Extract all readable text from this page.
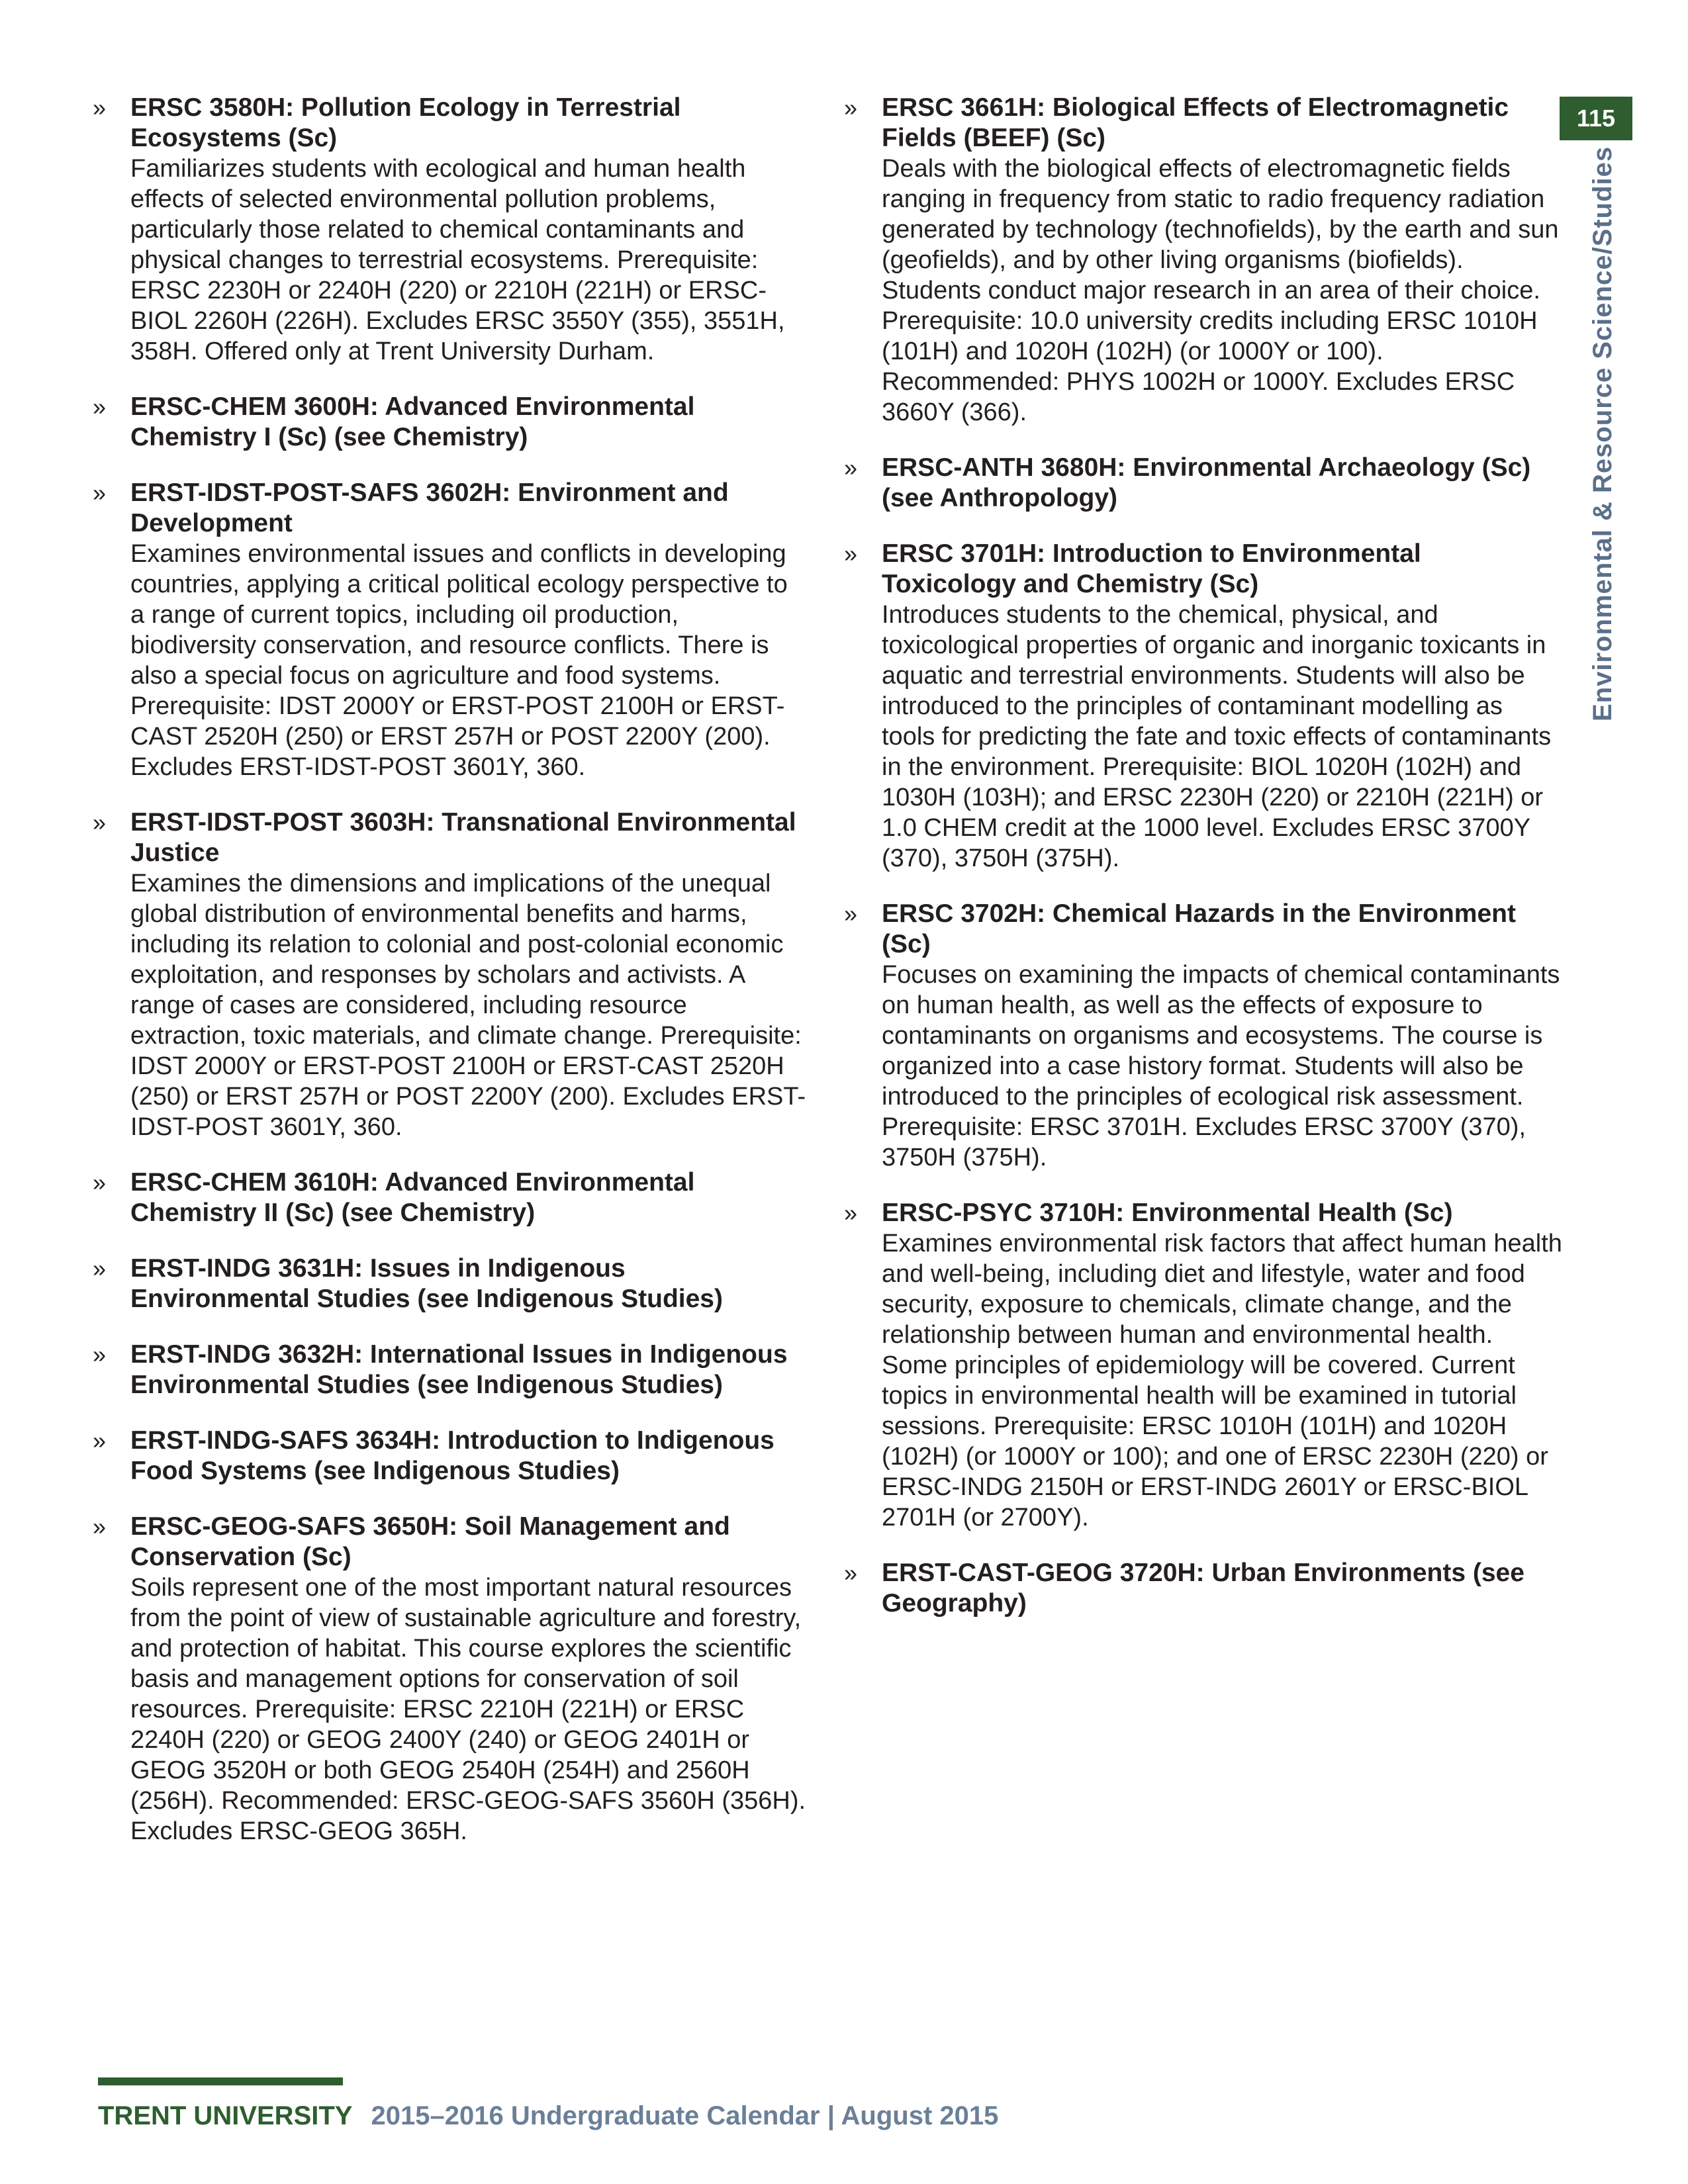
115
Environmental & Resource Science/Studies
» ERSC 3580H: Pollution Ecology in Terrestrial Ecosystems (Sc)
Familiarizes students with ecological and human health effects of selected environmental pollution problems, particularly those related to chemical contaminants and physical changes to terrestrial ecosystems. Prerequisite: ERSC 2230H or 2240H (220) or 2210H (221H) or ERSC-BIOL 2260H (226H). Excludes ERSC 3550Y (355), 3551H, 358H. Offered only at Trent University Durham.
» ERSC-CHEM 3600H: Advanced Environmental Chemistry I (Sc) (see Chemistry)
» ERST-IDST-POST-SAFS 3602H: Environment and Development
Examines environmental issues and conflicts in developing countries, applying a critical political ecology perspective to a range of current topics, including oil production, biodiversity conservation, and resource conflicts. There is also a special focus on agriculture and food systems. Prerequisite: IDST 2000Y or ERST-POST 2100H or ERST-CAST 2520H (250) or ERST 257H or POST 2200Y (200). Excludes ERST-IDST-POST 3601Y, 360.
» ERST-IDST-POST 3603H: Transnational Environmental Justice
Examines the dimensions and implications of the unequal global distribution of environmental benefits and harms, including its relation to colonial and post-colonial economic exploitation, and responses by scholars and activists. A range of cases are considered, including resource extraction, toxic materials, and climate change. Prerequisite: IDST 2000Y or ERST-POST 2100H or ERST-CAST 2520H (250) or ERST 257H or POST 2200Y (200). Excludes ERST-IDST-POST 3601Y, 360.
» ERSC-CHEM 3610H: Advanced Environmental Chemistry II (Sc) (see Chemistry)
» ERST-INDG 3631H: Issues in Indigenous Environmental Studies (see Indigenous Studies)
» ERST-INDG 3632H: International Issues in Indigenous Environmental Studies (see Indigenous Studies)
» ERST-INDG-SAFS 3634H: Introduction to Indigenous Food Systems (see Indigenous Studies)
» ERSC-GEOG-SAFS 3650H: Soil Management and Conservation (Sc)
Soils represent one of the most important natural resources from the point of view of sustainable agriculture and forestry, and protection of habitat. This course explores the scientific basis and management options for conservation of soil resources. Prerequisite: ERSC 2210H (221H) or ERSC 2240H (220) or GEOG 2400Y (240) or GEOG 2401H or GEOG 3520H or both GEOG 2540H (254H) and 2560H (256H). Recommended: ERSC-GEOG-SAFS 3560H (356H). Excludes ERSC-GEOG 365H.
» ERSC 3661H: Biological Effects of Electromagnetic Fields (BEEF) (Sc)
Deals with the biological effects of electromagnetic fields ranging in frequency from static to radio frequency radiation generated by technology (technofields), by the earth and sun (geofields), and by other living organisms (biofields). Students conduct major research in an area of their choice. Prerequisite: 10.0 university credits including ERSC 1010H (101H) and 1020H (102H) (or 1000Y or 100). Recommended: PHYS 1002H or 1000Y. Excludes ERSC 3660Y (366).
» ERSC-ANTH 3680H: Environmental Archaeology (Sc) (see Anthropology)
» ERSC 3701H: Introduction to Environmental Toxicology and Chemistry (Sc)
Introduces students to the chemical, physical, and toxicological properties of organic and inorganic toxicants in aquatic and terrestrial environments. Students will also be introduced to the principles of contaminant modelling as tools for predicting the fate and toxic effects of contaminants in the environment. Prerequisite: BIOL 1020H (102H) and 1030H (103H); and ERSC 2230H (220) or 2210H (221H) or 1.0 CHEM credit at the 1000 level. Excludes ERSC 3700Y (370), 3750H (375H).
» ERSC 3702H: Chemical Hazards in the Environment (Sc)
Focuses on examining the impacts of chemical contaminants on human health, as well as the effects of exposure to contaminants on organisms and ecosystems. The course is organized into a case history format. Students will also be introduced to the principles of ecological risk assessment. Prerequisite: ERSC 3701H. Excludes ERSC 3700Y (370), 3750H (375H).
» ERSC-PSYC 3710H: Environmental Health (Sc)
Examines environmental risk factors that affect human health and well-being, including diet and lifestyle, water and food security, exposure to chemicals, climate change, and the relationship between human and environmental health. Some principles of epidemiology will be covered. Current topics in environmental health will be examined in tutorial sessions. Prerequisite: ERSC 1010H (101H) and 1020H (102H) (or 1000Y or 100); and one of ERSC 2230H (220) or ERSC-INDG 2150H or ERST-INDG 2601Y or ERSC-BIOL 2701H (or 2700Y).
» ERST-CAST-GEOG 3720H: Urban Environments (see Geography)
TRENT UNIVERSITY 2015–2016 Undergraduate Calendar | August 2015
